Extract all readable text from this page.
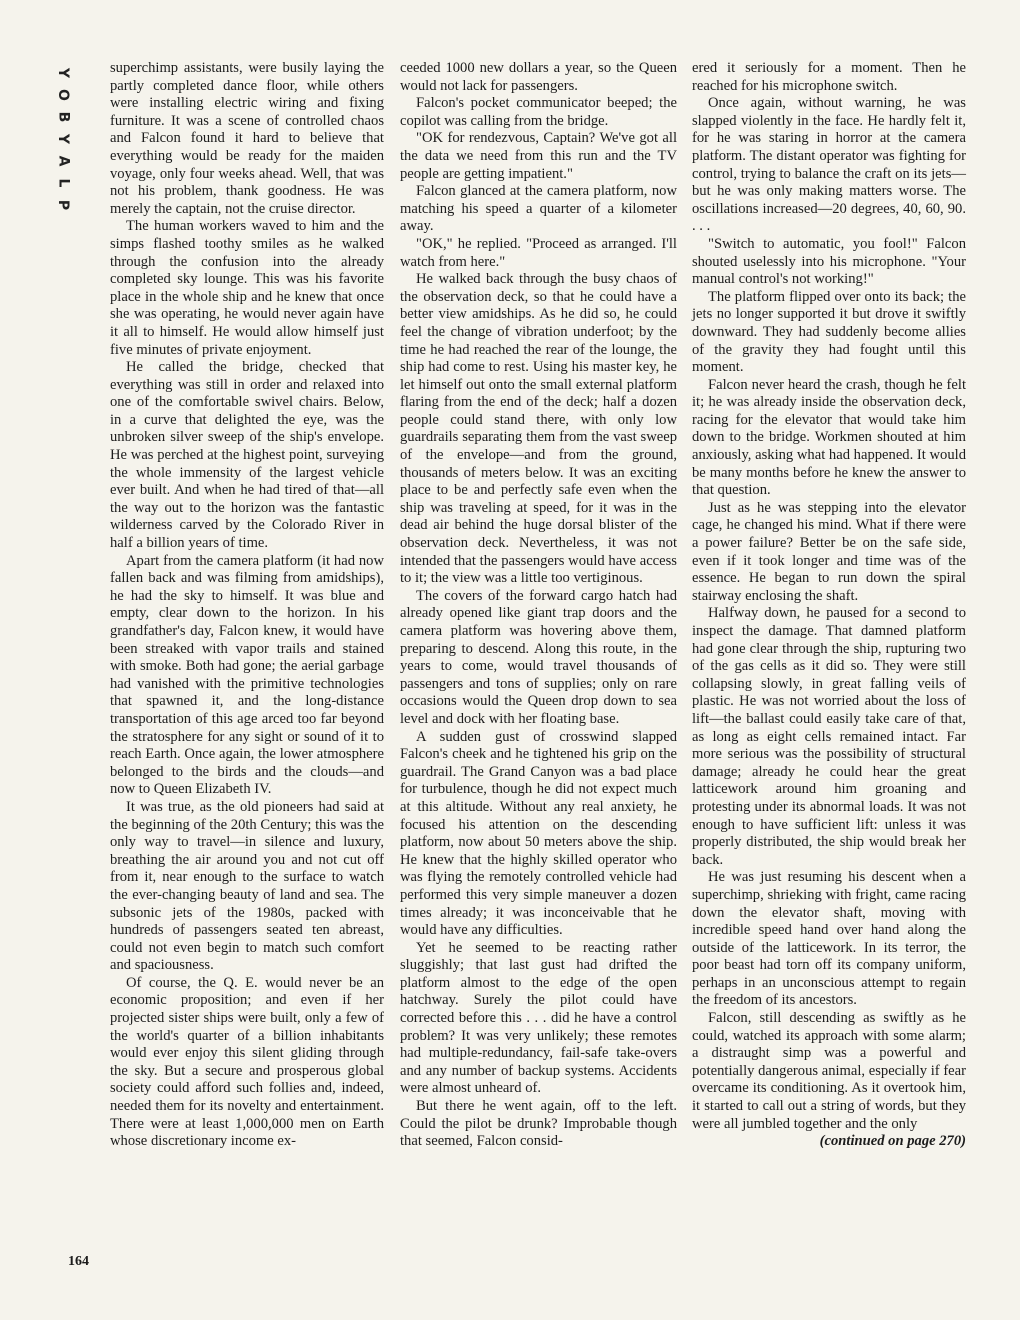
Y
O
B
Y
A
L
P

superchimp assistants, were busily laying the partly completed dance floor, while others were installing electric wiring and fixing furniture. It was a scene of controlled chaos and Falcon found it hard to believe that everything would be ready for the maiden voyage, only four weeks ahead. Well, that was not his problem, thank goodness. He was merely the captain, not the cruise director.

The human workers waved to him and the simps flashed toothy smiles as he walked through the confusion into the already completed sky lounge. This was his favorite place in the whole ship and he knew that once she was operating, he would never again have it all to himself. He would allow himself just five minutes of private enjoyment.

He called the bridge, checked that everything was still in order and relaxed into one of the comfortable swivel chairs. Below, in a curve that delighted the eye, was the unbroken silver sweep of the ship's envelope. He was perched at the highest point, surveying the whole immensity of the largest vehicle ever built. And when he had tired of that—all the way out to the horizon was the fantastic wilderness carved by the Colorado River in half a billion years of time.

Apart from the camera platform (it had now fallen back and was filming from amidships), he had the sky to himself. It was blue and empty, clear down to the horizon. In his grandfather's day, Falcon knew, it would have been streaked with vapor trails and stained with smoke. Both had gone; the aerial garbage had vanished with the primitive technologies that spawned it, and the long-distance transportation of this age arced too far beyond the stratosphere for any sight or sound of it to reach Earth. Once again, the lower atmosphere belonged to the birds and the clouds—and now to Queen Elizabeth IV.

It was true, as the old pioneers had said at the beginning of the 20th Century; this was the only way to travel—in silence and luxury, breathing the air around you and not cut off from it, near enough to the surface to watch the ever-changing beauty of land and sea. The subsonic jets of the 1980s, packed with hundreds of passengers seated ten abreast, could not even begin to match such comfort and spaciousness.

Of course, the Q. E. would never be an economic proposition; and even if her projected sister ships were built, only a few of the world's quarter of a billion inhabitants would ever enjoy this silent gliding through the sky. But a secure and prosperous global society could afford such follies and, indeed, needed them for its novelty and entertainment. There were at least 1,000,000 men on Earth whose discretionary income ex-

ceeded 1000 new dollars a year, so the Queen would not lack for passengers.

Falcon's pocket communicator beeped; the copilot was calling from the bridge.

"OK for rendezvous, Captain? We've got all the data we need from this run and the TV people are getting impatient."

Falcon glanced at the camera platform, now matching his speed a quarter of a kilometer away.

"OK," he replied. "Proceed as arranged. I'll watch from here."

He walked back through the busy chaos of the observation deck, so that he could have a better view amidships. As he did so, he could feel the change of vibration underfoot; by the time he had reached the rear of the lounge, the ship had come to rest. Using his master key, he let himself out onto the small external platform flaring from the end of the deck; half a dozen people could stand there, with only low guardrails separating them from the vast sweep of the envelope—and from the ground, thousands of meters below. It was an exciting place to be and perfectly safe even when the ship was traveling at speed, for it was in the dead air behind the huge dorsal blister of the observation deck. Nevertheless, it was not intended that the passengers would have access to it; the view was a little too vertiginous.

The covers of the forward cargo hatch had already opened like giant trap doors and the camera platform was hovering above them, preparing to descend. Along this route, in the years to come, would travel thousands of passengers and tons of supplies; only on rare occasions would the Queen drop down to sea level and dock with her floating base.

A sudden gust of crosswind slapped Falcon's cheek and he tightened his grip on the guardrail. The Grand Canyon was a bad place for turbulence, though he did not expect much at this altitude. Without any real anxiety, he focused his attention on the descending platform, now about 50 meters above the ship. He knew that the highly skilled operator who was flying the remotely controlled vehicle had performed this very simple maneuver a dozen times already; it was inconceivable that he would have any difficulties.

Yet he seemed to be reacting rather sluggishly; that last gust had drifted the platform almost to the edge of the open hatchway. Surely the pilot could have corrected before this . . . did he have a control problem? It was very unlikely; these remotes had multiple-redundancy, fail-safe take-overs and any number of backup systems. Accidents were almost unheard of.

But there he went again, off to the left. Could the pilot be drunk? Improbable though that seemed, Falcon consid-

ered it seriously for a moment. Then he reached for his microphone switch.

Once again, without warning, he was slapped violently in the face. He hardly felt it, for he was staring in horror at the camera platform. The distant operator was fighting for control, trying to balance the craft on its jets—but he was only making matters worse. The oscillations increased—20 degrees, 40, 60, 90. . . .

"Switch to automatic, you fool!" Falcon shouted uselessly into his microphone. "Your manual control's not working!"

The platform flipped over onto its back; the jets no longer supported it but drove it swiftly downward. They had suddenly become allies of the gravity they had fought until this moment.

Falcon never heard the crash, though he felt it; he was already inside the observation deck, racing for the elevator that would take him down to the bridge. Workmen shouted at him anxiously, asking what had happened. It would be many months before he knew the answer to that question.

Just as he was stepping into the elevator cage, he changed his mind. What if there were a power failure? Better be on the safe side, even if it took longer and time was of the essence. He began to run down the spiral stairway enclosing the shaft.

Halfway down, he paused for a second to inspect the damage. That damned platform had gone clear through the ship, rupturing two of the gas cells as it did so. They were still collapsing slowly, in great falling veils of plastic. He was not worried about the loss of lift—the ballast could easily take care of that, as long as eight cells remained intact. Far more serious was the possibility of structural damage; already he could hear the great latticework around him groaning and protesting under its abnormal loads. It was not enough to have sufficient lift: unless it was properly distributed, the ship would break her back.

He was just resuming his descent when a superchimp, shrieking with fright, came racing down the elevator shaft, moving with incredible speed hand over hand along the outside of the latticework. In its terror, the poor beast had torn off its company uniform, perhaps in an unconscious attempt to regain the freedom of its ancestors.

Falcon, still descending as swiftly as he could, watched its approach with some alarm; a distraught simp was a powerful and potentially dangerous animal, especially if fear overcame its conditioning. As it overtook him, it started to call out a string of words, but they were all jumbled together and the only

(continued on page 270)
164
